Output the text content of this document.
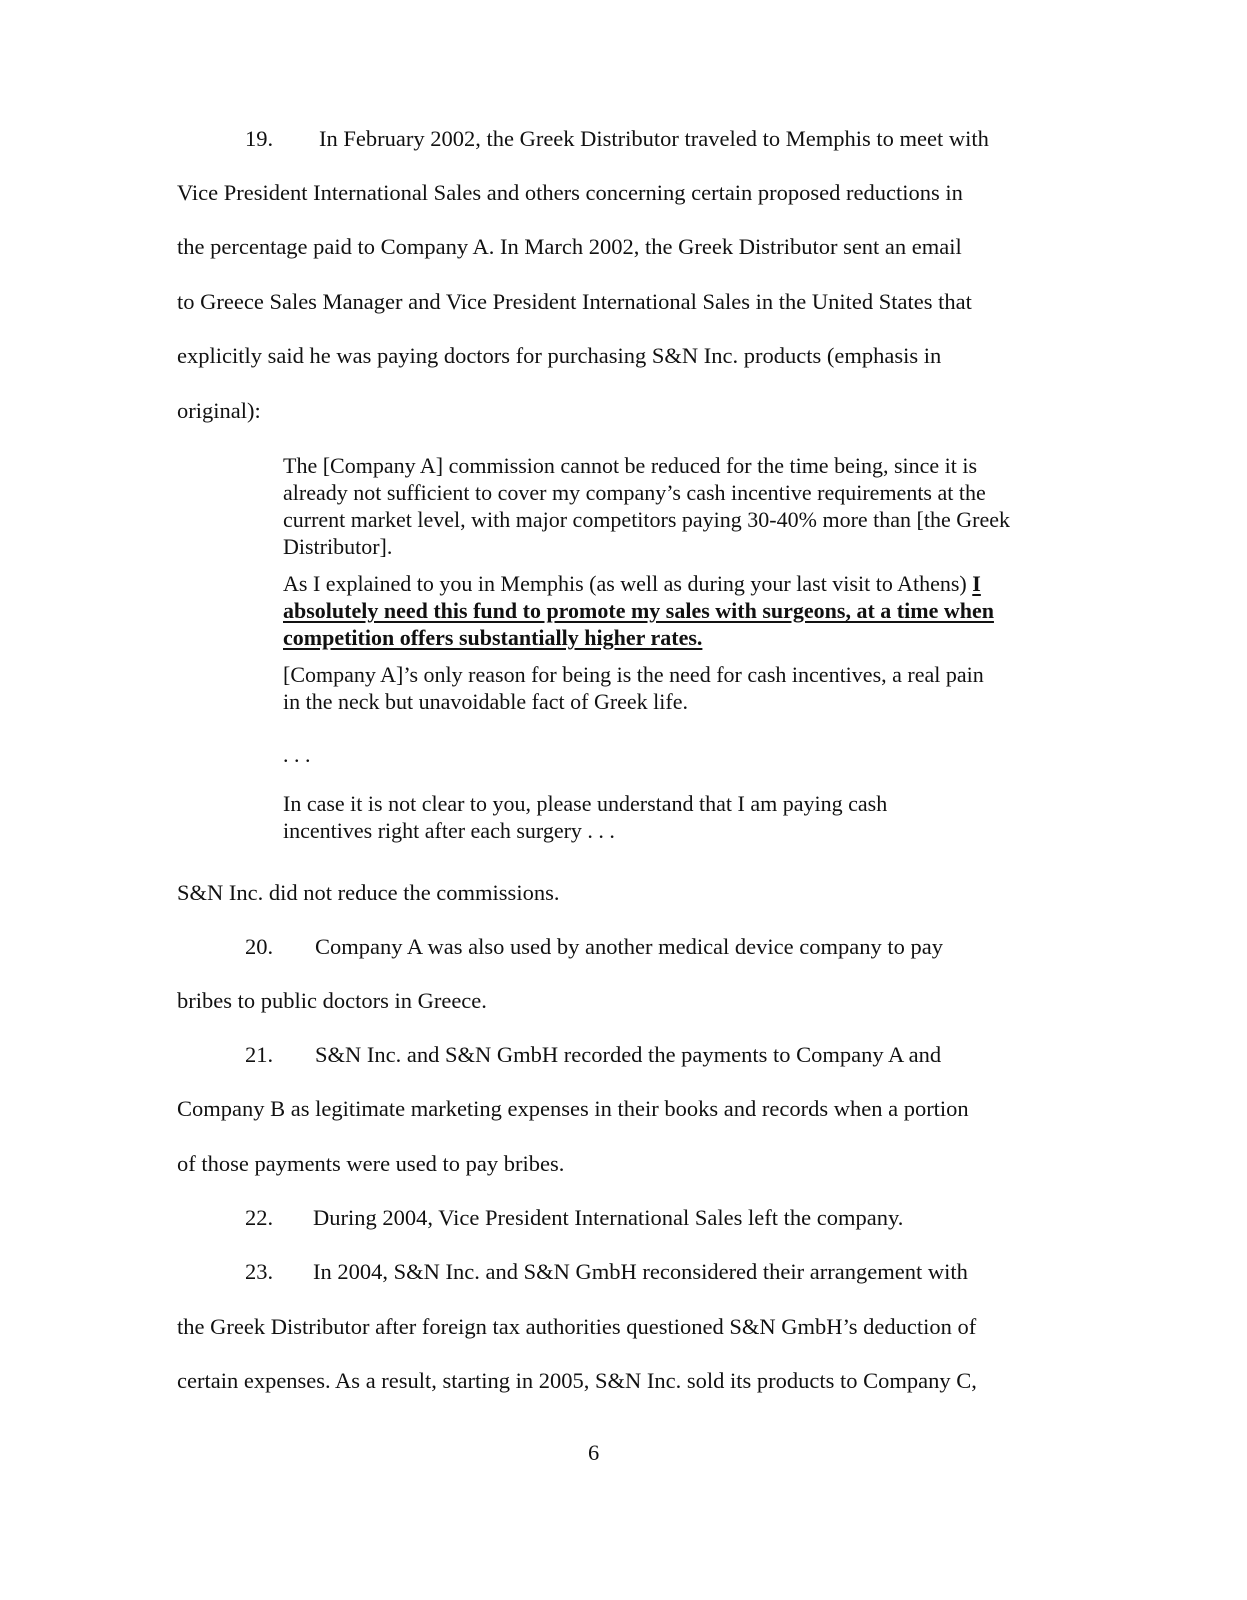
19. In February 2002, the Greek Distributor traveled to Memphis to meet with
Vice President International Sales and others concerning certain proposed reductions in
the percentage paid to Company A. In March 2002, the Greek Distributor sent an email
to Greece Sales Manager and Vice President International Sales in the United States that
explicitly said he was paying doctors for purchasing S&N Inc. products (emphasis in
original):

The [Company A] commission cannot be reduced for the time being, since it is already not sufficient to cover my company’s cash incentive requirements at the current market level, with major competitors paying 30-40% more than [the Greek Distributor].

As I explained to you in Memphis (as well as during your last visit to Athens) I absolutely need this fund to promote my sales with surgeons, at a time when competition offers substantially higher rates.

[Company A]’s only reason for being is the need for cash incentives, a real pain in the neck but unavoidable fact of Greek life.

. . .

In case it is not clear to you, please understand that I am paying cash incentives right after each surgery . . .

S&N Inc. did not reduce the commissions.
20. Company A was also used by another medical device company to pay
bribes to public doctors in Greece.
21. S&N Inc. and S&N GmbH recorded the payments to Company A and
Company B as legitimate marketing expenses in their books and records when a portion
of those payments were used to pay bribes.
22. During 2004, Vice President International Sales left the company.
23. In 2004, S&N Inc. and S&N GmbH reconsidered their arrangement with
the Greek Distributor after foreign tax authorities questioned S&N GmbH’s deduction of
certain expenses. As a result, starting in 2005, S&N Inc. sold its products to Company C,
6
